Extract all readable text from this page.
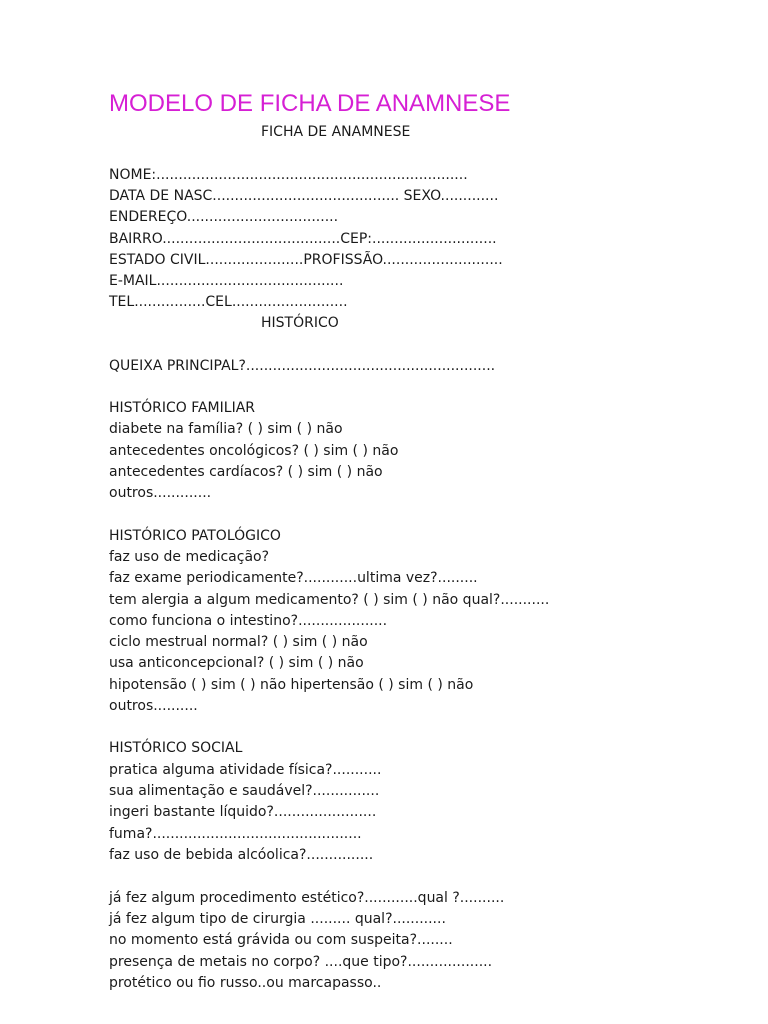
MODELO DE FICHA DE ANAMNESE
FICHA DE ANAMNESE
NOME:......................................................................
DATA DE NASC.......................................... SEXO.............
ENDEREÇO..................................
BAIRRO........................................CEP:............................
ESTADO CIVIL......................PROFISSÃO...........................
E-MAIL..........................................
TEL................CEL..........................
HISTÓRICO
QUEIXA PRINCIPAL?........................................................
HISTÓRICO FAMILIAR
diabete na família? ( ) sim ( ) não
antecedentes oncológicos? ( ) sim ( ) não
antecedentes cardíacos? ( ) sim ( ) não
outros.............
HISTÓRICO PATOLÓGICO
faz uso de medicação?
faz exame periodicamente?............ultima vez?.........
tem alergia a algum medicamento? ( ) sim ( ) não qual?...........
como funciona o intestino?....................
ciclo mestrual normal? ( ) sim ( ) não
usa anticoncepcional? ( ) sim ( ) não
hipotensão ( ) sim ( ) não hipertensão ( ) sim ( ) não
outros..........
HISTÓRICO SOCIAL
pratica alguma atividade física?...........
sua alimentação e saudável?...............
ingeri bastante líquido?.......................
fuma?...............................................
faz uso de bebida alcóolica?...............
já fez algum procedimento estético?............qual ?..........
já fez algum tipo de cirurgia ......... qual?............
no momento está grávida ou com suspeita?........
presença de metais no corpo? ....que tipo?...................
protético ou fio russo..ou marcapasso..
